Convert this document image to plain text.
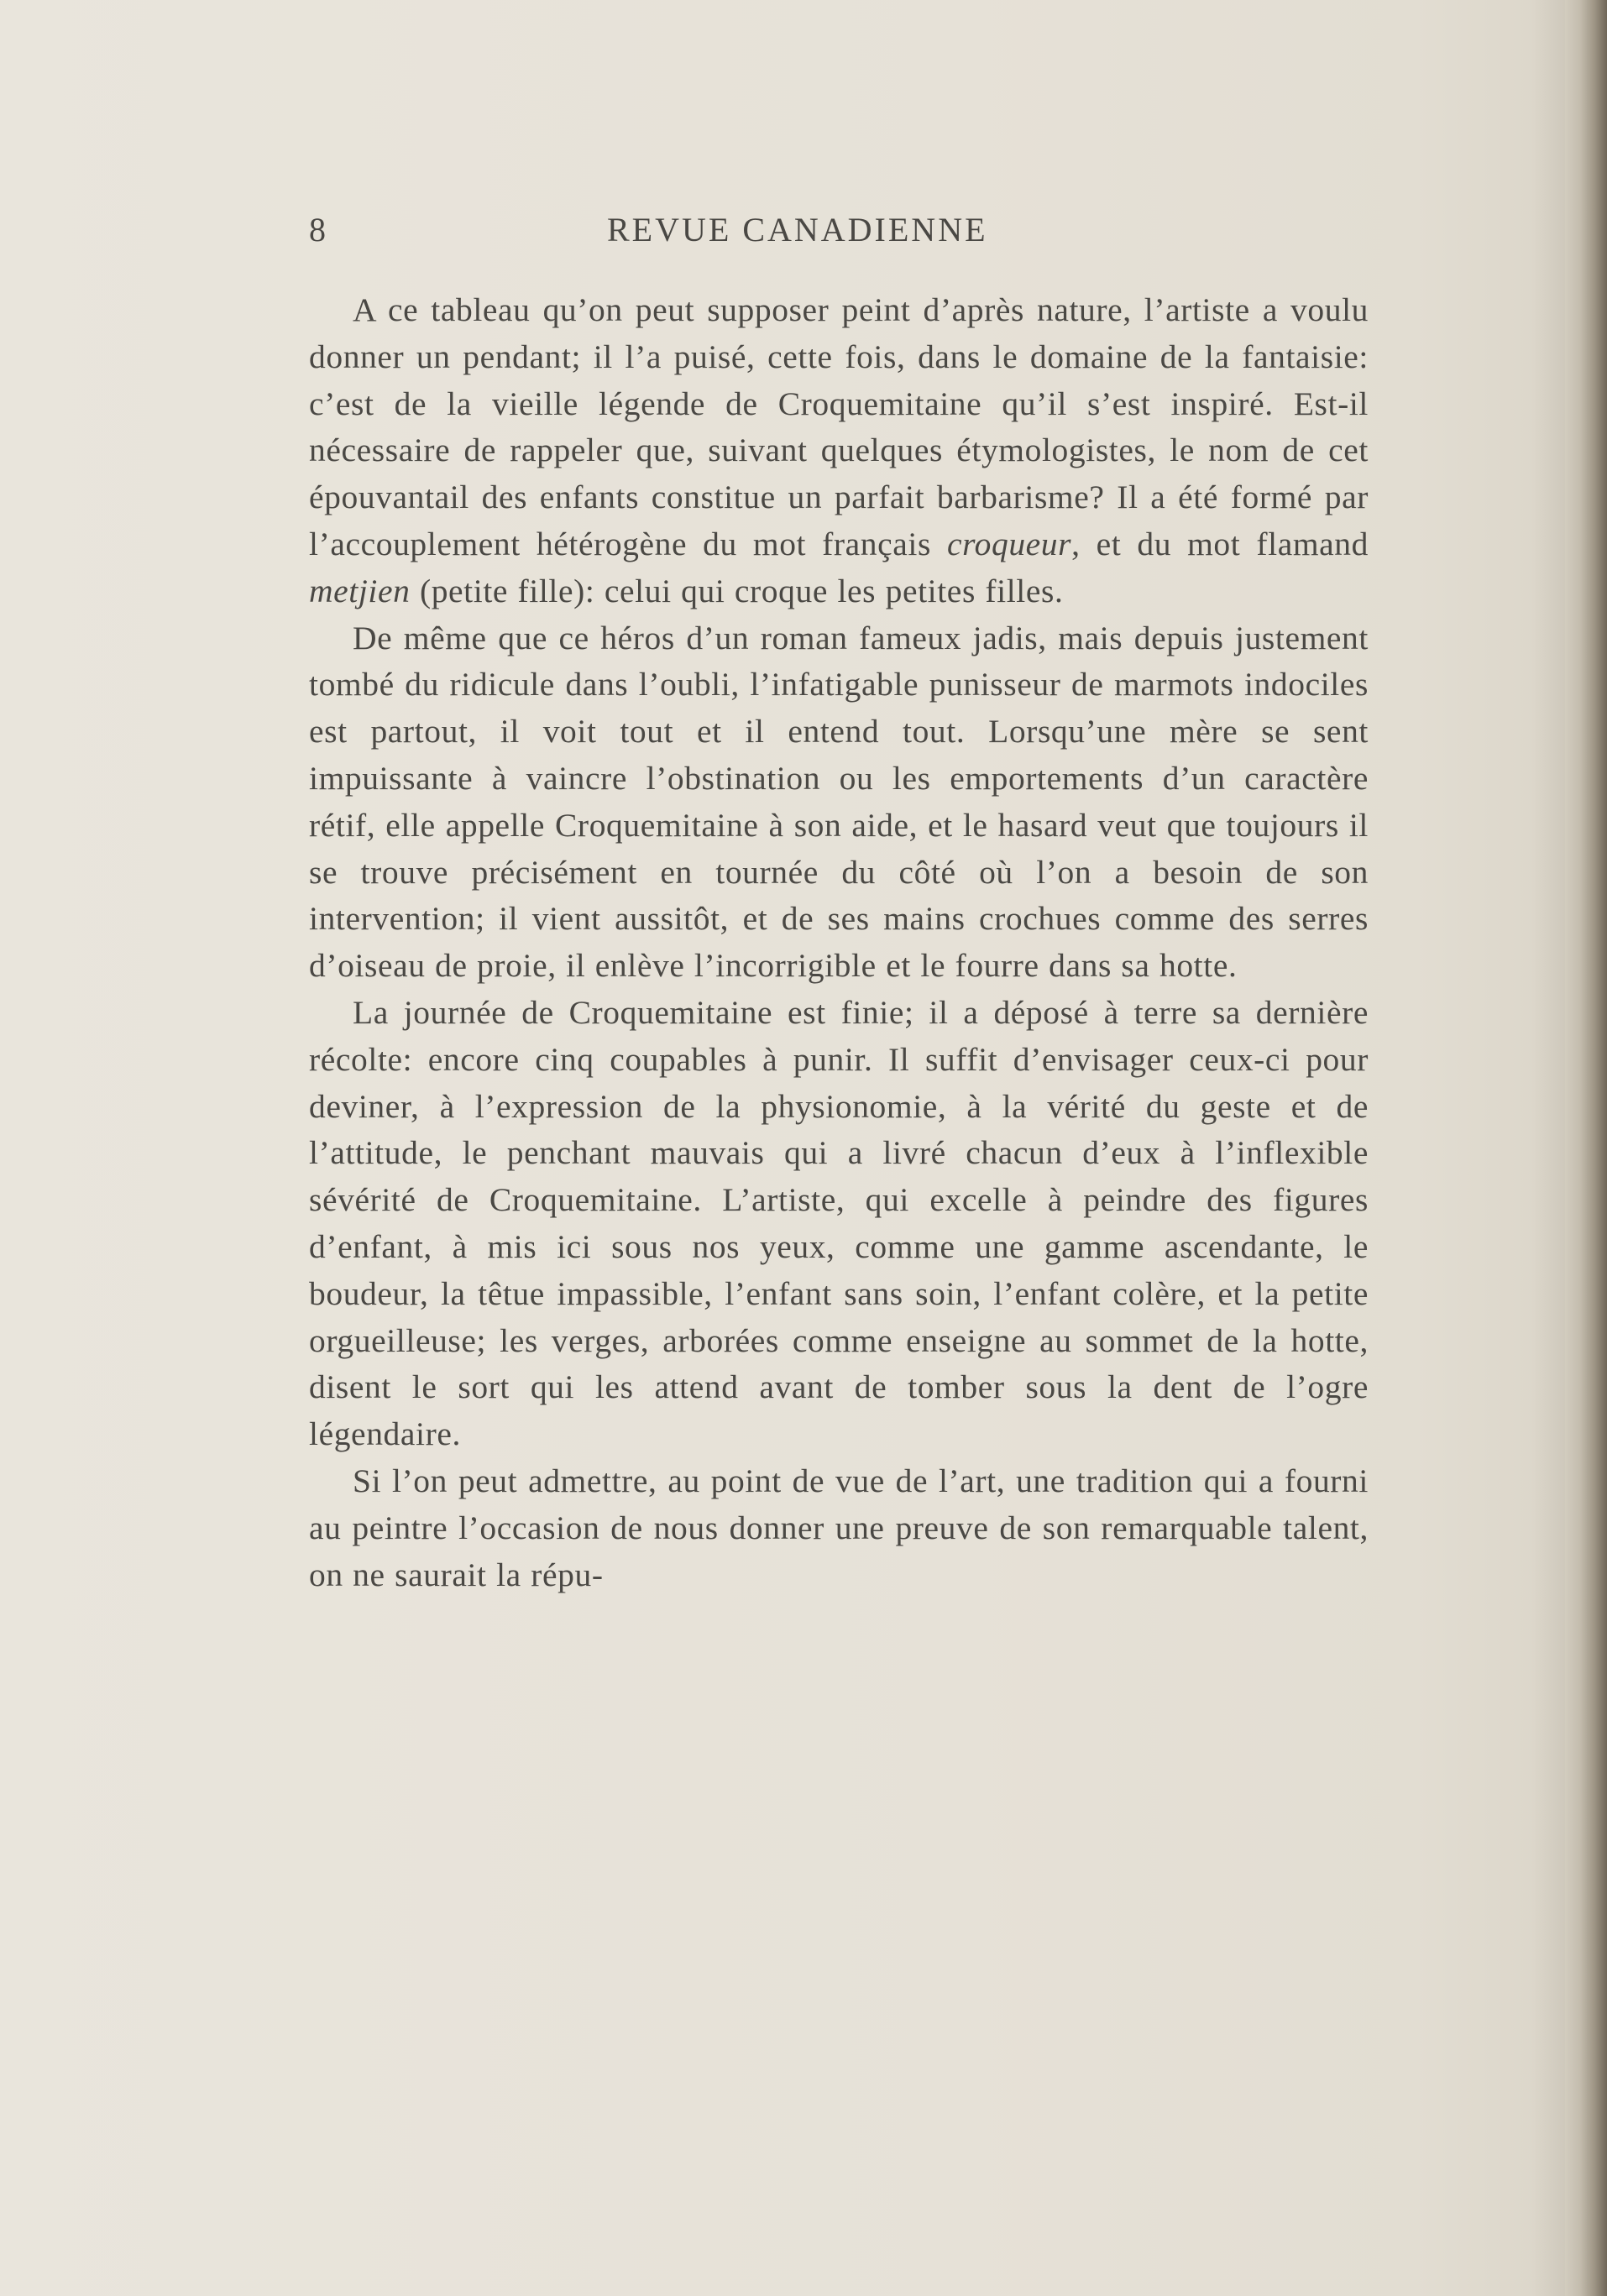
8	REVUE CANADIENNE

A ce tableau qu’on peut supposer peint d’après nature, l’artiste a voulu donner un pendant; il l’a puisé, cette fois, dans le domaine de la fantaisie: c’est de la vieille légende de Croquemitaine qu’il s’est inspiré. Est-il nécessaire de rappeler que, suivant quelques étymologistes, le nom de cet épouvantail des enfants constitue un parfait barbarisme? Il a été formé par l’accouplement hétérogène du mot français croqueur, et du mot flamand metjien (petite fille): celui qui croque les petites filles.

De même que ce héros d’un roman fameux jadis, mais depuis justement tombé du ridicule dans l’oubli, l’infatigable punisseur de marmots indociles est partout, il voit tout et il entend tout. Lorsqu’une mère se sent impuissante à vaincre l’obstination ou les emportements d’un caractère rétif, elle appelle Croquemitaine à son aide, et le hasard veut que toujours il se trouve précisément en tournée du côté où l’on a besoin de son intervention; il vient aussitôt, et de ses mains crochues comme des serres d’oiseau de proie, il enlève l’incorrigible et le fourre dans sa hotte.

La journée de Croquemitaine est finie; il a déposé à terre sa dernière récolte: encore cinq coupables à punir. Il suffit d’envisager ceux-ci pour deviner, à l’expression de la physionomie, à la vérité du geste et de l’attitude, le penchant mauvais qui a livré chacun d’eux à l’inflexible sévérité de Croquemitaine. L’artiste, qui excelle à peindre des figures d’enfant, à mis ici sous nos yeux, comme une gamme ascendante, le boudeur, la têtue impassible, l’enfant sans soin, l’enfant colère, et la petite orgueilleuse; les verges, arborées comme enseigne au sommet de la hotte, disent le sort qui les attend avant de tomber sous la dent de l’ogre légendaire.

Si l’on peut admettre, au point de vue de l’art, une tradition qui a fourni au peintre l’occasion de nous donner une preuve de son remarquable talent, on ne saurait la répu-
